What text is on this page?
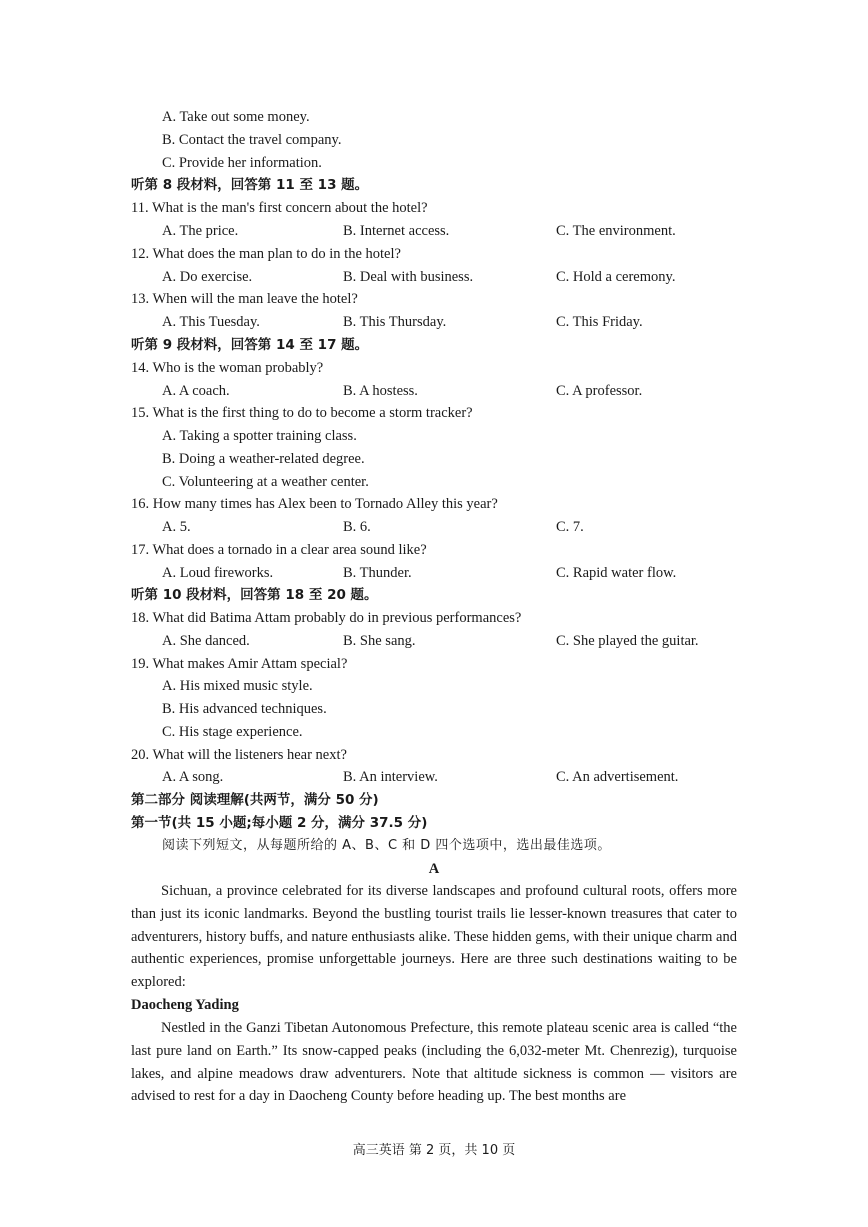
A. Take out some money.
B. Contact the travel company.
C. Provide her information.
听第 8 段材料，回答第 11 至 13 题。
11. What is the man's first concern about the hotel?
A. The price.	B. Internet access.	C. The environment.
12. What does the man plan to do in the hotel?
A. Do exercise.	B. Deal with business.	C. Hold a ceremony.
13. When will the man leave the hotel?
A. This Tuesday.	B. This Thursday.	C. This Friday.
听第 9 段材料，回答第 14 至 17 题。
14. Who is the woman probably?
A. A coach.	B. A hostess.	C. A professor.
15. What is the first thing to do to become a storm tracker?
A. Taking a spotter training class.
B. Doing a weather-related degree.
C. Volunteering at a weather center.
16. How many times has Alex been to Tornado Alley this year?
A. 5.	B. 6.	C. 7.
17. What does a tornado in a clear area sound like?
A. Loud fireworks.	B. Thunder.	C. Rapid water flow.
听第 10 段材料，回答第 18 至 20 题。
18. What did Batima Attam probably do in previous performances?
A. She danced.	B. She sang.	C. She played the guitar.
19. What makes Amir Attam special?
A. His mixed music style.
B. His advanced techniques.
C. His stage experience.
20. What will the listeners hear next?
A. A song.	B. An interview.	C. An advertisement.
第二部分 阅读理解(共两节，满分 50 分)
第一节(共 15 小题;每小题 2 分，满分 37.5 分)
阅读下列短文，从每题所给的 A、B、C 和 D 四个选项中，选出最佳选项。
A
Sichuan, a province celebrated for its diverse landscapes and profound cultural roots, offers more than just its iconic landmarks. Beyond the bustling tourist trails lie lesser-known treasures that cater to adventurers, history buffs, and nature enthusiasts alike. These hidden gems, with their unique charm and authentic experiences, promise unforgettable journeys. Here are three such destinations waiting to be explored:
Daocheng Yading
Nestled in the Ganzi Tibetan Autonomous Prefecture, this remote plateau scenic area is called “the last pure land on Earth.” Its snow-capped peaks (including the 6,032-meter Mt. Chenrezig), turquoise lakes, and alpine meadows draw adventurers. Note that altitude sickness is common — visitors are advised to rest for a day in Daocheng County before heading up. The best months are
高三英语 第 2 页，共 10 页
